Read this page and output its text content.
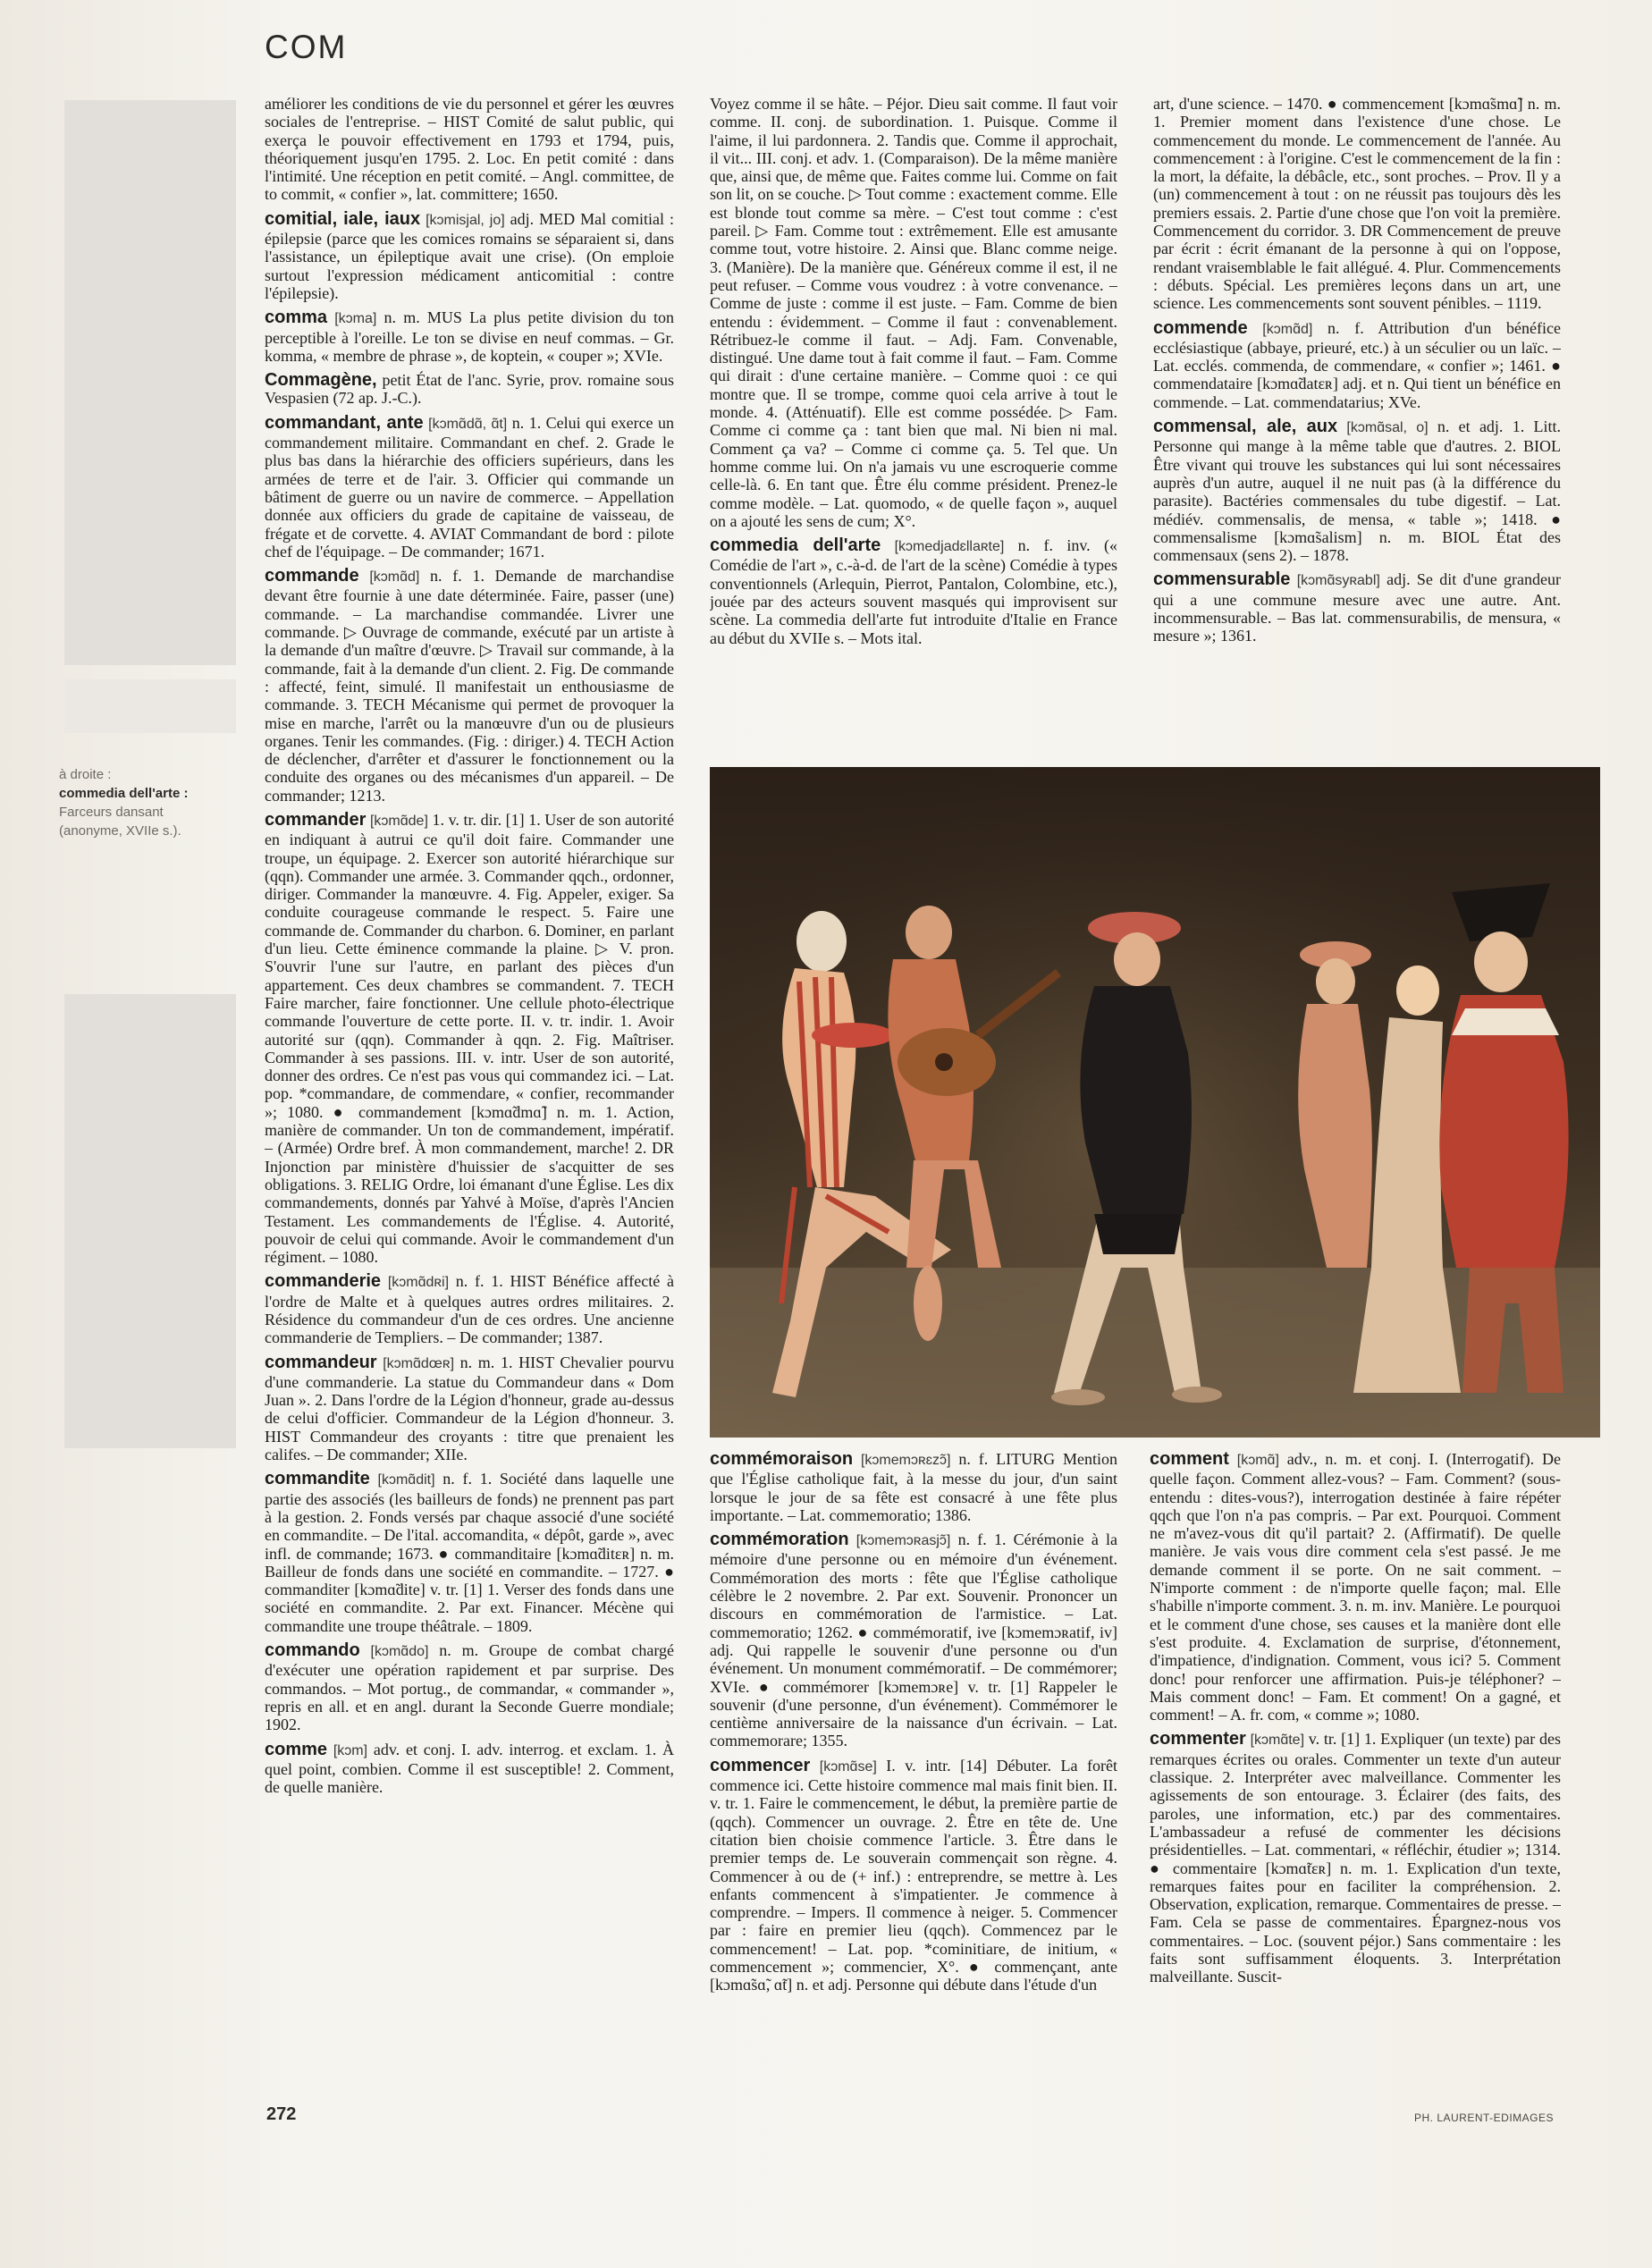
COM
à droite :
commedia dell'arte :
Farceurs dansant
(anonyme, XVIIe s.).

améliorer les conditions de vie du personnel et gérer les œuvres sociales de l'entreprise. – HIST Comité de salut public, qui exerça le pouvoir effectivement en 1793 et 1794, puis, théoriquement jusqu'en 1795. 2. Loc. En petit comité : dans l'intimité. Une réception en petit comité. – Angl. committee, de to commit, « confier », lat. committere; 1650.

comitial, iale, iaux [kɔmisjal, jo] adj. MED Mal comitial : épilepsie (parce que les comices romains se séparaient si, dans l'assistance, un épileptique avait une crise). (On emploie surtout l'expression médicament anticomitial : contre l'épilepsie).

comma [kɔma] n. m. MUS La plus petite division du ton perceptible à l'oreille. Le ton se divise en neuf commas. – Gr. komma, « membre de phrase », de koptein, « couper »; XVIe.

Commagène, petit État de l'anc. Syrie, prov. romaine sous Vespasien (72 ap. J.-C.).

commandant, ante [kɔmɑ̃dɑ̃, ɑ̃t] n. 1. Celui qui exerce un commandement militaire. Commandant en chef. 2. Grade le plus bas dans la hiérarchie des officiers supérieurs, dans les armées de terre et de l'air. 3. Officier qui commande un bâtiment de guerre ou un navire de commerce. – Appellation donnée aux officiers du grade de capitaine de vaisseau, de frégate et de corvette. 4. AVIAT Commandant de bord : pilote chef de l'équipage. – De commander; 1671.

commande [kɔmɑ̃d] n. f. 1. Demande de marchandise devant être fournie à une date déterminée. Faire, passer (une) commande. – La marchandise commandée. Livrer une commande. ▷ Ouvrage de commande, exécuté par un artiste à la demande d'un maître d'œuvre. ▷ Travail sur commande, à la commande, fait à la demande d'un client. 2. Fig. De commande : affecté, feint, simulé. Il manifestait un enthousiasme de commande. 3. TECH Mécanisme qui permet de provoquer la mise en marche, l'arrêt ou la manœuvre d'un ou de plusieurs organes. Tenir les commandes. (Fig. : diriger.) 4. TECH Action de déclencher, d'arrêter et d'assurer le fonctionnement ou la conduite des organes ou des mécanismes d'un appareil. – De commander; 1213.

commander [kɔmɑ̃de] 1. v. tr. dir. [1] 1. User de son autorité en indiquant à autrui ce qu'il doit faire. Commander une troupe, un équipage. 2. Exercer son autorité hiérarchique sur (qqn). Commander une armée. 3. Commander qqch., ordonner, diriger. Commander la manœuvre. 4. Fig. Appeler, exiger. Sa conduite courageuse commande le respect. 5. Faire une commande de. Commander du charbon. 6. Dominer, en parlant d'un lieu. Cette éminence commande la plaine. ▷ V. pron. S'ouvrir l'une sur l'autre, en parlant des pièces d'un appartement. Ces deux chambres se commandent. 7. TECH Faire marcher, faire fonctionner. Une cellule photo-électrique commande l'ouverture de cette porte. II. v. tr. indir. 1. Avoir autorité sur (qqn). Commander à qqn. 2. Fig. Maîtriser. Commander à ses passions. III. v. intr. User de son autorité, donner des ordres. Ce n'est pas vous qui commandez ici. – Lat. pop. *commandare, de commendare, « confier, recommander »; 1080. ● commandement [kɔmɑ̃dmɑ̃] n. m. 1. Action, manière de commander. Un ton de commandement, impératif. – (Armée) Ordre bref. À mon commandement, marche! 2. DR Injonction par ministère d'huissier de s'acquitter de ses obligations. 3. RELIG Ordre, loi émanant d'une Église. Les dix commandements, donnés par Yahvé à Moïse, d'après l'Ancien Testament. Les commandements de l'Église. 4. Autorité, pouvoir de celui qui commande. Avoir le commandement d'un régiment. – 1080.

commanderie [kɔmɑ̃dʀi] n. f. 1. HIST Bénéfice affecté à l'ordre de Malte et à quelques autres ordres militaires. 2. Résidence du commandeur d'un de ces ordres. Une ancienne commanderie de Templiers. – De commander; 1387.

commandeur [kɔmɑ̃dœʀ] n. m. 1. HIST Chevalier pourvu d'une commanderie. La statue du Commandeur dans « Dom Juan ». 2. Dans l'ordre de la Légion d'honneur, grade au-dessus de celui d'officier. Commandeur de la Légion d'honneur. 3. HIST Commandeur des croyants : titre que prenaient les califes. – De commander; XIIe.

commandite [kɔmɑ̃dit] n. f. 1. Société dans laquelle une partie des associés (les bailleurs de fonds) ne prennent pas part à la gestion. 2. Fonds versés par chaque associé d'une société en commandite. – De l'ital. accomandita, « dépôt, garde », avec infl. de commande; 1673. ● commanditaire [kɔmɑ̃ditɛʀ] n. m. Bailleur de fonds dans une société en commandite. – 1727. ● commanditer [kɔmɑ̃dite] v. tr. [1] 1. Verser des fonds dans une société en commandite. 2. Par ext. Financer. Mécène qui commandite une troupe théâtrale. – 1809.

commando [kɔmɑ̃do] n. m. Groupe de combat chargé d'exécuter une opération rapidement et par surprise. Des commandos. – Mot portug., de commandar, « commander », repris en all. et en angl. durant la Seconde Guerre mondiale; 1902.

comme [kɔm] adv. et conj. I. adv. interrog. et exclam. 1. À quel point, combien. Comme il est susceptible! 2. Comment, de quelle manière.

Voyez comme il se hâte. – Péjor. Dieu sait comme. Il faut voir comme. II. conj. de subordination. 1. Puisque. Comme il l'aime, il lui pardonnera. 2. Tandis que. Comme il approchait, il vit... III. conj. et adv. 1. (Comparaison). De la même manière que, ainsi que, de même que. Faites comme lui. Comme on fait son lit, on se couche. ▷ Tout comme : exactement comme. Elle est blonde tout comme sa mère. – C'est tout comme : c'est pareil. ▷ Fam. Comme tout : extrêmement. Elle est amusante comme tout, votre histoire. 2. Ainsi que. Blanc comme neige. 3. (Manière). De la manière que. Généreux comme il est, il ne peut refuser. – Comme vous voudrez : à votre convenance. – Comme de juste : comme il est juste. – Fam. Comme de bien entendu : évidemment. – Comme il faut : convenablement. Rétribuez-le comme il faut. – Adj. Fam. Convenable, distingué. Une dame tout à fait comme il faut. – Fam. Comme qui dirait : d'une certaine manière. – Comme quoi : ce qui montre que. Il se trompe, comme quoi cela arrive à tout le monde. 4. (Atténuatif). Elle est comme possédée. ▷ Fam. Comme ci comme ça : tant bien que mal. Ni bien ni mal. Comment ça va? – Comme ci comme ça. 5. Tel que. Un homme comme lui. On n'a jamais vu une escroquerie comme celle-là. 6. En tant que. Être élu comme président. Prenez-le comme modèle. – Lat. quomodo, « de quelle façon », auquel on a ajouté les sens de cum; X°.

commedia dell'arte [kɔmedjadɛllaʀte] n. f. inv. (« Comédie de l'art », c.-à-d. de l'art de la scène) Comédie à types conventionnels (Arlequin, Pierrot, Pantalon, Colombine, etc.), jouée par des acteurs souvent masqués qui improvisent sur scène. La commedia dell'arte fut introduite d'Italie en France au début du XVIIe s. – Mots ital.

art, d'une science. – 1470. ● commencement [kɔmɑ̃smɑ̃] n. m. 1. Premier moment dans l'existence d'une chose. Le commencement du monde. Le commencement de l'année. Au commencement : à l'origine. C'est le commencement de la fin : la mort, la défaite, la débâcle, etc., sont proches. – Prov. Il y a (un) commencement à tout : on ne réussit pas toujours dès les premiers essais. 2. Partie d'une chose que l'on voit la première. Commencement du corridor. 3. DR Commencement de preuve par écrit : écrit émanant de la personne à qui on l'oppose, rendant vraisemblable le fait allégué. 4. Plur. Commencements : débuts. Spécial. Les premières leçons dans un art, une science. Les commencements sont souvent pénibles. – 1119.

commende [kɔmɑ̃d] n. f. Attribution d'un bénéfice ecclésiastique (abbaye, prieuré, etc.) à un séculier ou un laïc. – Lat. ecclés. commenda, de commendare, « confier »; 1461. ● commendataire [kɔmɑ̃datɛʀ] adj. et n. Qui tient un bénéfice en commende. – Lat. commendatarius; XVe.

commensal, ale, aux [kɔmɑ̃sal, o] n. et adj. 1. Litt. Personne qui mange à la même table que d'autres. 2. BIOL Être vivant qui trouve les substances qui lui sont nécessaires auprès d'un autre, auquel il ne nuit pas (à la différence du parasite). Bactéries commensales du tube digestif. – Lat. médiév. commensalis, de mensa, « table »; 1418. ● commensalisme [kɔmɑ̃salism] n. m. BIOL État des commensaux (sens 2). – 1878.

commensurable [kɔmɑ̃syʀabl] adj. Se dit d'une grandeur qui a une commune mesure avec une autre. Ant. incommensurable. – Bas lat. commensurabilis, de mensura, « mesure »; 1361.

commémoraison [kɔmemɔʀɛzɔ̃] n. f. LITURG Mention que l'Église catholique fait, à la messe du jour, d'un saint lorsque le jour de sa fête est consacré à une fête plus importante. – Lat. commemoratio; 1386.

commémoration [kɔmemɔʀasjɔ̃] n. f. 1. Cérémonie à la mémoire d'une personne ou en mémoire d'un événement. Commémoration des morts : fête que l'Église catholique célèbre le 2 novembre. 2. Par ext. Souvenir. Prononcer un discours en commémoration de l'armistice. – Lat. commemoratio; 1262. ● commémoratif, ive [kɔmemɔʀatif, iv] adj. Qui rappelle le souvenir d'une personne ou d'un événement. Un monument commémoratif. – De commémorer; XVIe. ● commémorer [kɔmemɔʀe] v. tr. [1] Rappeler le souvenir (d'une personne, d'un événement). Commémorer le centième anniversaire de la naissance d'un écrivain. – Lat. commemorare; 1355.

commencer [kɔmɑ̃se] I. v. intr. [14] Débuter. La forêt commence ici. Cette histoire commence mal mais finit bien. II. v. tr. 1. Faire le commencement, le début, la première partie de (qqch). Commencer un ouvrage. 2. Être en tête de. Une citation bien choisie commence l'article. 3. Être dans le premier temps de. Le souverain commençait son règne. 4. Commencer à ou de (+ inf.) : entreprendre, se mettre à. Les enfants commencent à s'impatienter. Je commence à comprendre. – Impers. Il commence à neiger. 5. Commencer par : faire en premier lieu (qqch). Commencez par le commencement! – Lat. pop. *cominitiare, de initium, « commencement »; commencier, X°. ● commençant, ante [kɔmɑ̃sɑ̃, ɑ̃t] n. et adj. Personne qui débute dans l'étude d'un

comment [kɔmɑ̃] adv., n. m. et conj. I. (Interrogatif). De quelle façon. Comment allez-vous? – Fam. Comment? (sous-entendu : dites-vous?), interrogation destinée à faire répéter qqch que l'on n'a pas compris. – Par ext. Pourquoi. Comment ne m'avez-vous dit qu'il partait? 2. (Affirmatif). De quelle manière. Je vais vous dire comment cela s'est passé. Je me demande comment il se porte. On ne sait comment. – N'importe comment : de n'importe quelle façon; mal. Elle s'habille n'importe comment. 3. n. m. inv. Manière. Le pourquoi et le comment d'une chose, ses causes et la manière dont elle s'est produite. 4. Exclamation de surprise, d'étonnement, d'impatience, d'indignation. Comment, vous ici? 5. Comment donc! pour renforcer une affirmation. Puis-je téléphoner? – Mais comment donc! – Fam. Et comment! On a gagné, et comment! – A. fr. com, « comme »; 1080.

commenter [kɔmɑ̃te] v. tr. [1] 1. Expliquer (un texte) par des remarques écrites ou orales. Commenter un texte d'un auteur classique. 2. Interpréter avec malveillance. Commenter les agissements de son entourage. 3. Éclairer (des faits, des paroles, une information, etc.) par des commentaires. L'ambassadeur a refusé de commenter les décisions présidentielles. – Lat. commentari, « réfléchir, étudier »; 1314. ● commentaire [kɔmɑ̃tɛʀ] n. m. 1. Explication d'un texte, remarques faites pour en faciliter la compréhension. 2. Observation, explication, remarque. Commentaires de presse. – Fam. Cela se passe de commentaires. Épargnez-nous vos commentaires. – Loc. (souvent péjor.) Sans commentaire : les faits sont suffisamment éloquents. 3. Interprétation malveillante. Suscit-

272	PH. LAURENT-EDIMAGES
